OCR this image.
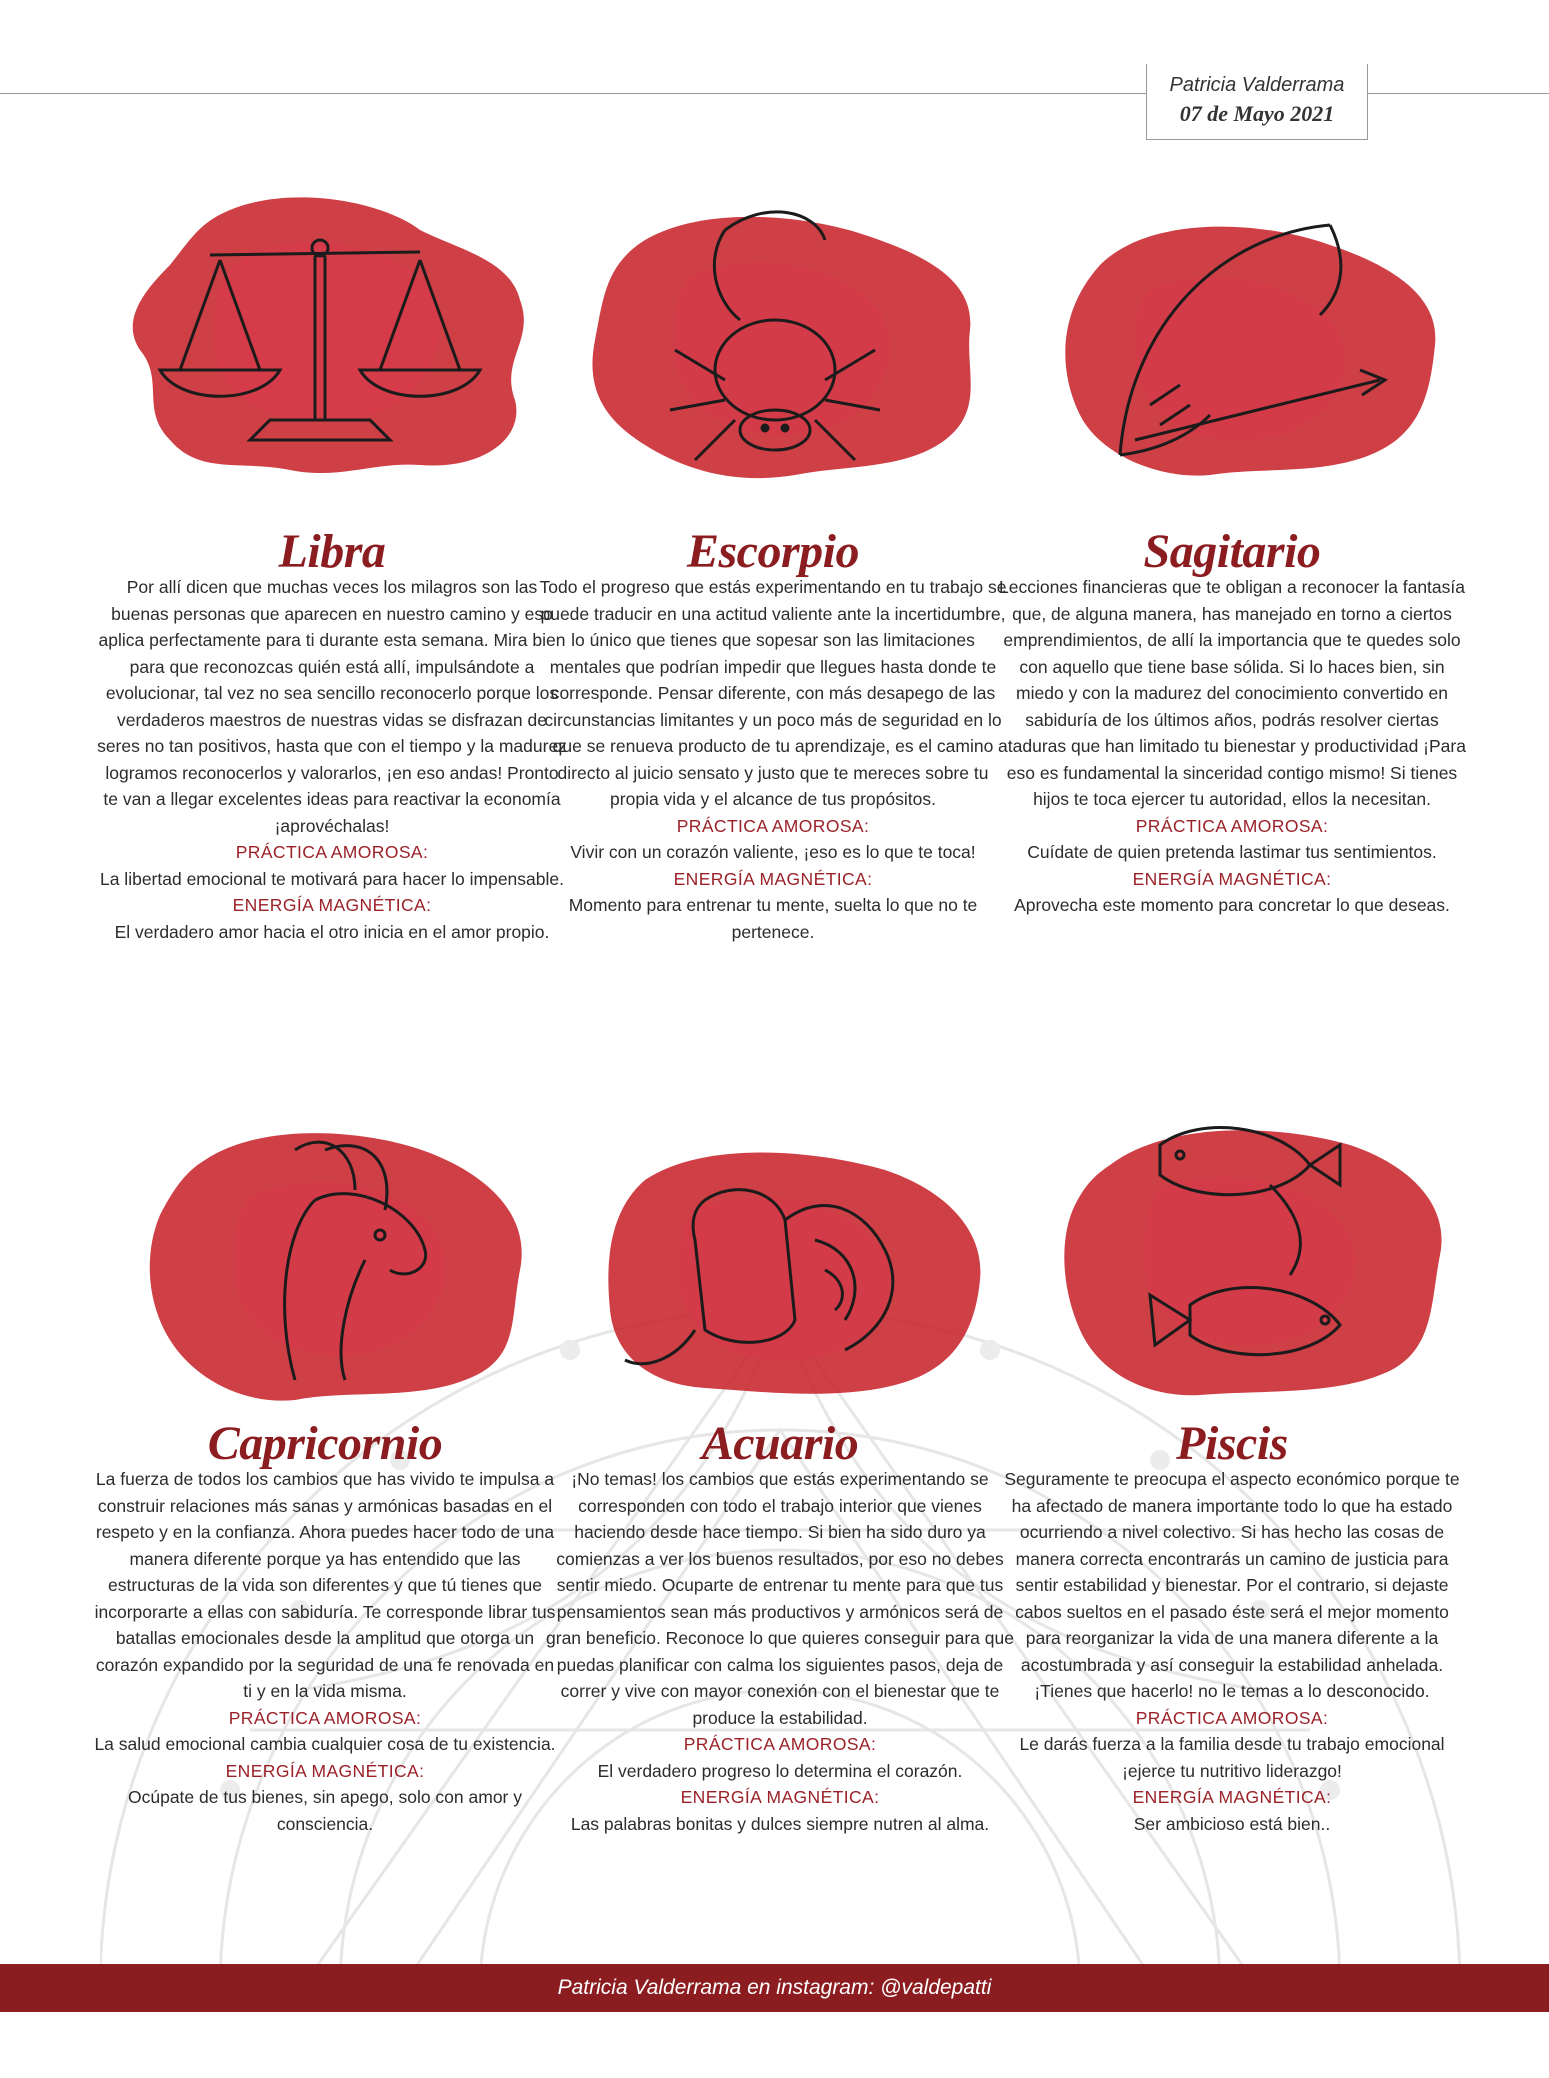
Patricia Valderrama
07 de Mayo 2021
Libra

Por allí dicen que muchas veces los milagros son las buenas personas que aparecen en nuestro camino y eso aplica perfectamente para ti durante esta semana. Mira bien para que reconozcas quién está allí, impulsándote a evolucionar, tal vez no sea sencillo reconocerlo porque los verdaderos maestros de nuestras vidas se disfrazan de seres no tan positivos, hasta que con el tiempo y la madurez logramos reconocerlos y valorarlos, ¡en eso andas! Pronto te van a llegar excelentes ideas para reactivar la economía ¡aprovéchalas!

PRÁCTICA AMOROSA:

La libertad emocional te motivará para hacer lo impensable.

ENERGÍA MAGNÉTICA:

El verdadero amor hacia el otro inicia en el amor propio.

Escorpio

Todo el progreso que estás experimentando en tu trabajo se puede traducir en una actitud valiente ante la incertidumbre, lo único que tienes que sopesar son las limitaciones mentales que podrían impedir que llegues hasta donde te corresponde. Pensar diferente, con más desapego de las circunstancias limitantes y un poco más de seguridad en lo que se renueva producto de tu aprendizaje, es el camino directo al juicio sensato y justo que te mereces sobre tu propia vida y el alcance de tus propósitos.

PRÁCTICA AMOROSA:

Vivir con un corazón valiente, ¡eso es lo que te toca!

ENERGÍA MAGNÉTICA:

Momento para entrenar tu mente, suelta lo que no te pertenece.

Sagitario

Lecciones financieras que te obligan a reconocer la fantasía que, de alguna manera, has manejado en torno a ciertos emprendimientos, de allí la importancia que te quedes solo con aquello que tiene base sólida. Si lo haces bien, sin miedo y con la madurez del conocimiento convertido en sabiduría de los últimos años, podrás resolver ciertas ataduras que han limitado tu bienestar y productividad ¡Para eso es fundamental la sinceridad contigo mismo! Si tienes hijos te toca ejercer tu autoridad, ellos la necesitan.

PRÁCTICA AMOROSA:

Cuídate de quien pretenda lastimar tus sentimientos.

ENERGÍA MAGNÉTICA:

Aprovecha este momento para concretar lo que deseas.

Capricornio

La fuerza de todos los cambios que has vivido te impulsa a construir relaciones más sanas y armónicas basadas en el respeto y en la confianza. Ahora puedes hacer todo de una manera diferente porque ya has entendido que las estructuras de la vida son diferentes y que tú tienes que incorporarte a ellas con sabiduría. Te corresponde librar tus batallas emocionales desde la amplitud que otorga un corazón expandido por la seguridad de una fe renovada en ti y en la vida misma.

PRÁCTICA AMOROSA:

La salud emocional cambia cualquier cosa de tu existencia.

ENERGÍA MAGNÉTICA:

Ocúpate de tus bienes, sin apego, solo con amor y consciencia.

Acuario

¡No temas! los cambios que estás experimentando se corresponden con todo el trabajo interior que vienes haciendo desde hace tiempo. Si bien ha sido duro ya comienzas a ver los buenos resultados, por eso no debes sentir miedo. Ocuparte de entrenar tu mente para que tus pensamientos sean más productivos y armónicos será de gran beneficio. Reconoce lo que quieres conseguir para que puedas planificar con calma los siguientes pasos, deja de correr y vive con mayor conexión con el bienestar que te produce la estabilidad.

PRÁCTICA AMOROSA:

El verdadero progreso lo determina el corazón.

ENERGÍA MAGNÉTICA:

Las palabras bonitas y dulces siempre nutren al alma.

Piscis

Seguramente te preocupa el aspecto económico porque te ha afectado de manera importante todo lo que ha estado ocurriendo a nivel colectivo. Si has hecho las cosas de manera correcta encontrarás un camino de justicia para sentir estabilidad y bienestar. Por el contrario, si dejaste cabos sueltos en el pasado éste será el mejor momento para reorganizar la vida de una manera diferente a la acostumbrada y así conseguir la estabilidad anhelada. ¡Tienes que hacerlo! no le temas a lo desconocido.

PRÁCTICA AMOROSA:

Le darás fuerza a la familia desde tu trabajo emocional ¡ejerce tu nutritivo liderazgo!

ENERGÍA MAGNÉTICA:

Ser ambicioso está bien..

Patricia Valderrama en instagram: @valdepatti
